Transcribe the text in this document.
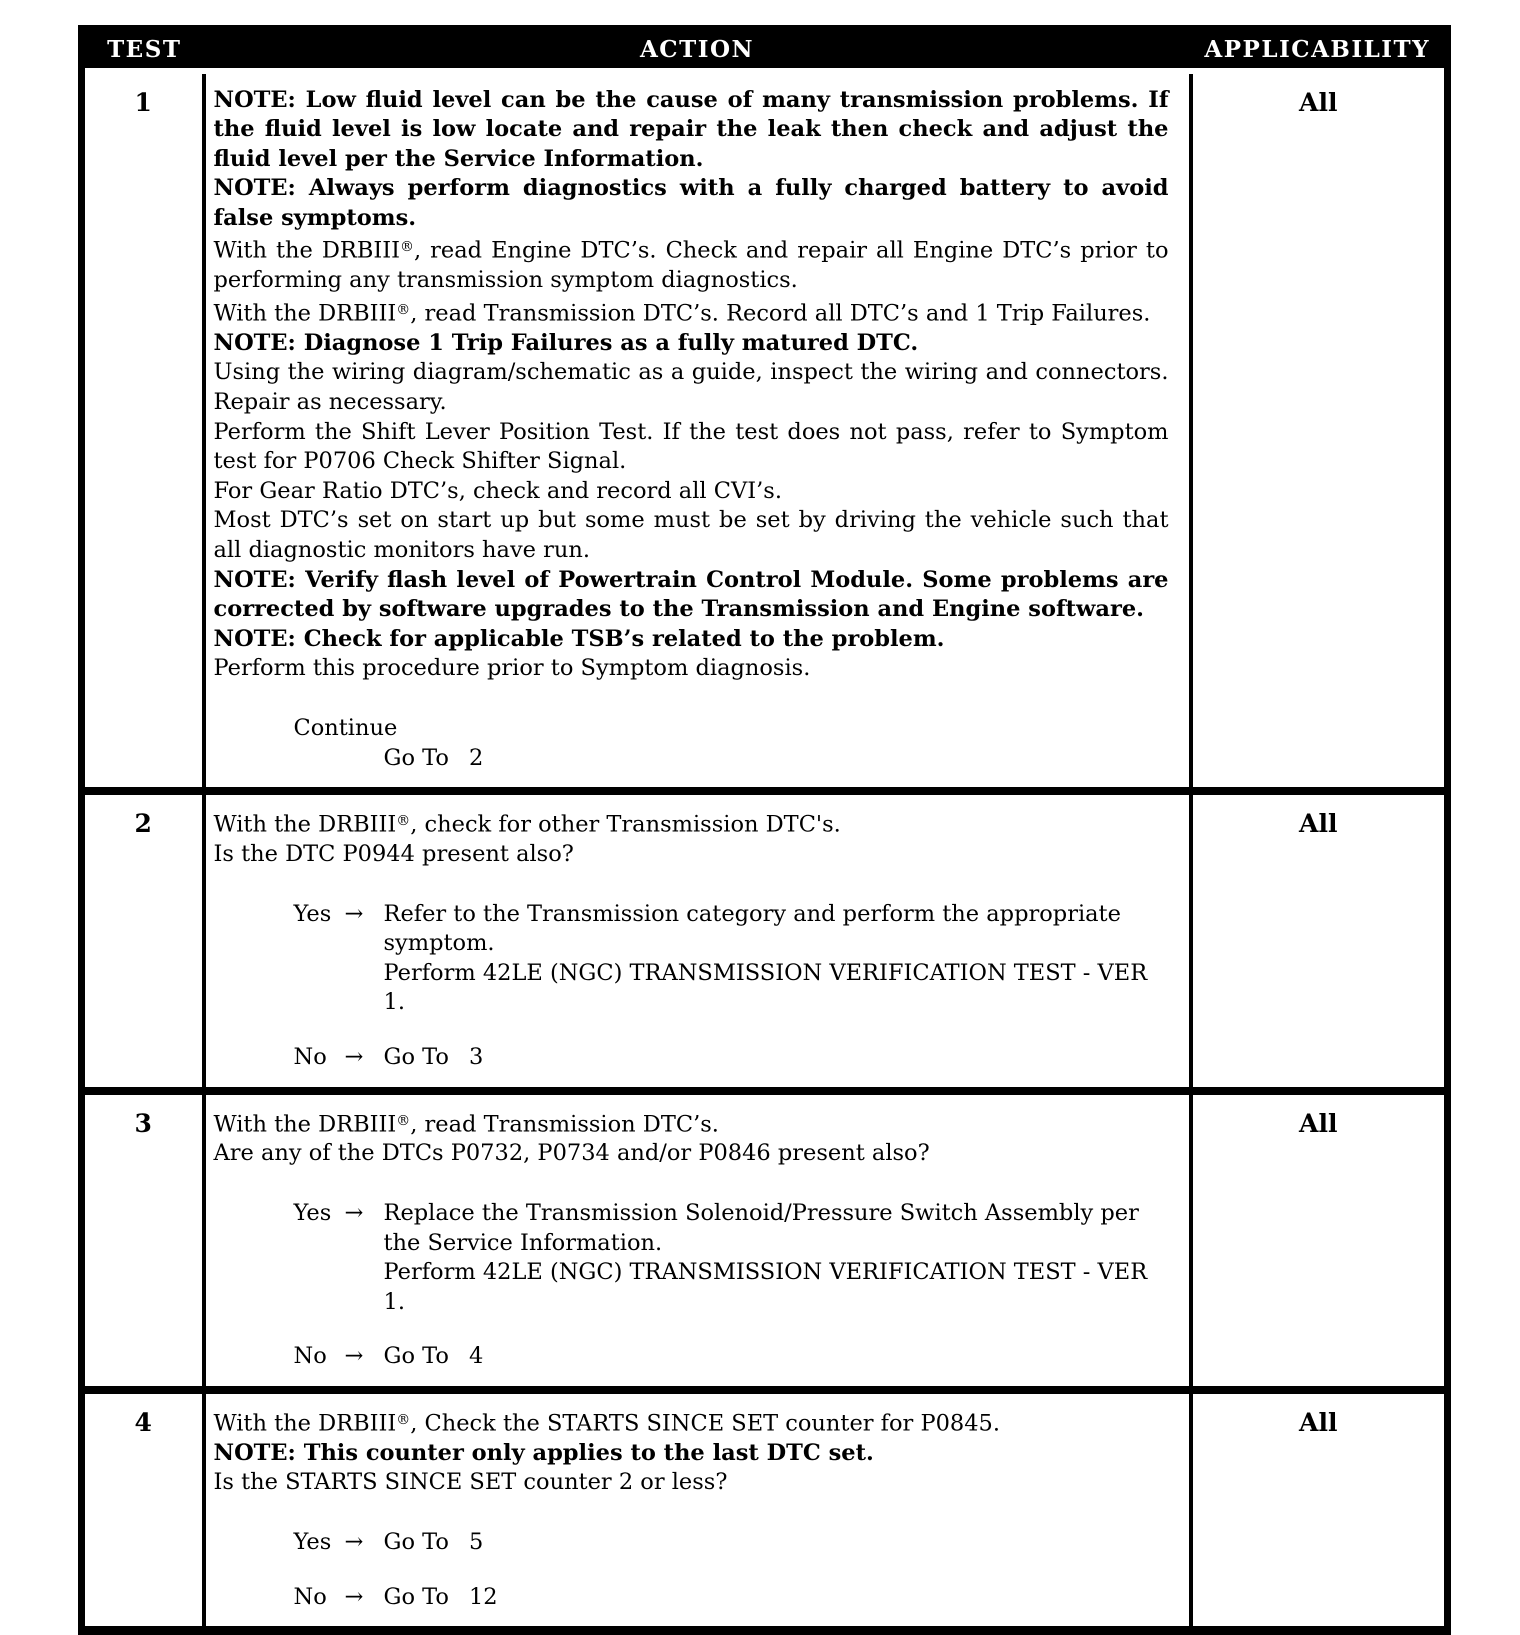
TEST	ACTION	APPLICABILITY
1	NOTE: Low fluid level can be the cause of many transmission problems. If the fluid level is low locate and repair the leak then check and adjust the fluid level per the Service Information.
NOTE: Always perform diagnostics with a fully charged battery to avoid false symptoms.
With the DRBIII®, read Engine DTC’s. Check and repair all Engine DTC’s prior to performing any transmission symptom diagnostics.
With the DRBIII®, read Transmission DTC’s. Record all DTC’s and 1 Trip Failures.
NOTE: Diagnose 1 Trip Failures as a fully matured DTC.
Using the wiring diagram/schematic as a guide, inspect the wiring and connectors. Repair as necessary.
Perform the Shift Lever Position Test. If the test does not pass, refer to Symptom test for P0706 Check Shifter Signal.
For Gear Ratio DTC’s, check and record all CVI’s.
Most DTC’s set on start up but some must be set by driving the vehicle such that all diagnostic monitors have run.
NOTE: Verify flash level of Powertrain Control Module. Some problems are corrected by software upgrades to the Transmission and Engine software.
NOTE: Check for applicable TSB’s related to the problem.
Perform this procedure prior to Symptom diagnosis.
Continue
Go To 2
	All
2	With the DRBIII®, check for other Transmission DTC's.
Is the DTC P0944 present also?
Yes → Refer to the Transmission category and perform the appropriate symptom.
Perform 42LE (NGC) TRANSMISSION VERIFICATION TEST - VER 1.
No → Go To 3
	All
3	With the DRBIII®, read Transmission DTC’s.
Are any of the DTCs P0732, P0734 and/or P0846 present also?
Yes → Replace the Transmission Solenoid/Pressure Switch Assembly per the Service Information.
Perform 42LE (NGC) TRANSMISSION VERIFICATION TEST - VER 1.
No → Go To 4
	All
4	With the DRBIII®, Check the STARTS SINCE SET counter for P0845.
NOTE: This counter only applies to the last DTC set.
Is the STARTS SINCE SET counter 2 or less?
Yes → Go To 5
No → Go To 12
	All
